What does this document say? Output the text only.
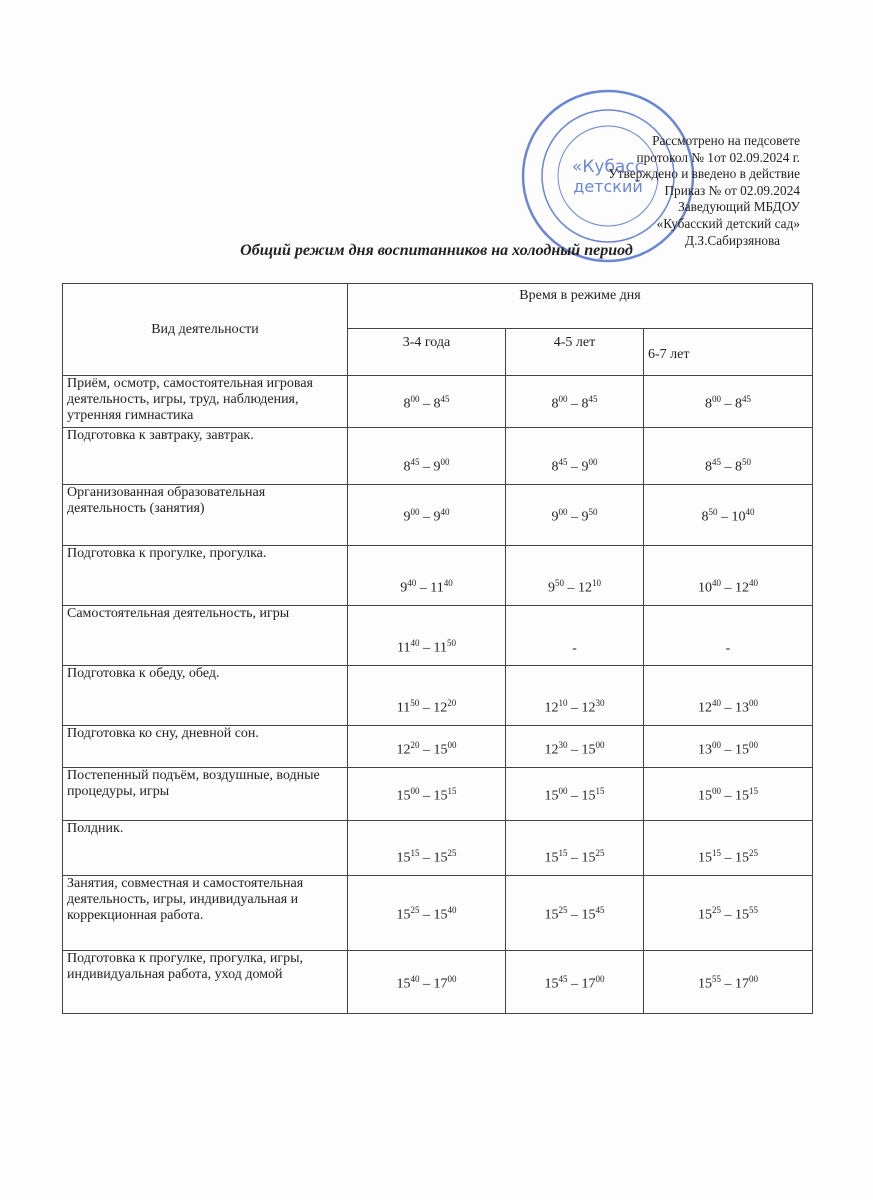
«Кубасс
детский
Рассмотрено на педсовете
протокол № 1от 02.09.2024 г.
Утверждено и введено в действие
Приказ № от 02.09.2024
Заведующий МБДОУ
«Кубасский детский сад»
Д.З.Сабирзянова
Общий режим дня воспитанников на холодный период
Вид деятельности	Время в режиме дня		
	3-4 года	4-5 лет	6-7 лет
Приём, осмотр, самостоятельная игровая деятельность, игры, труд, наблюдения, утренняя гимнастика	$8^{00} - 8^{45}$	$8^{00} - 8^{45}$	$8^{00} - 8^{45}$
Подготовка к завтраку, завтрак.	$8^{45} - 9^{00}$	$8^{45} - 9^{00}$	$8^{45} - 8^{50}$
Организованная образовательная деятельность (занятия)	$9^{00} - 9^{40}$	$9^{00} - 9^{50}$	$8^{50} - 10^{40}$
Подготовка к прогулке, прогулка.	$9^{40} - 11^{40}$	$9^{50} - 12^{10}$	$10^{40} - 12^{40}$
Самостоятельная деятельность, игры	$11^{40} - 11^{50}$	-	-
Подготовка к обеду, обед.	$11^{50} - 12^{20}$	$12^{10} - 12^{30}$	$12^{40} - 13^{00}$
Подготовка ко сну, дневной сон.	$12^{20} - 15^{00}$	$12^{30} - 15^{00}$	$13^{00} - 15^{00}$
Постепенный подъём, воздушные, водные процедуры, игры	$15^{00} - 15^{15}$	$15^{00} - 15^{15}$	$15^{00} - 15^{15}$
Полдник.	$15^{15} - 15^{25}$	$15^{15} - 15^{25}$	$15^{15} - 15^{25}$
Занятия, совместная и самостоятельная деятельность, игры, индивидуальная и коррекционная работа.	$15^{25} - 15^{40}$	$15^{25} - 15^{45}$	$15^{25} - 15^{55}$
Подготовка к прогулке, прогулка, игры, индивидуальная работа, уход домой	$15^{40} - 17^{00}$	$15^{45} - 17^{00}$	$15^{55} - 17^{00}$
